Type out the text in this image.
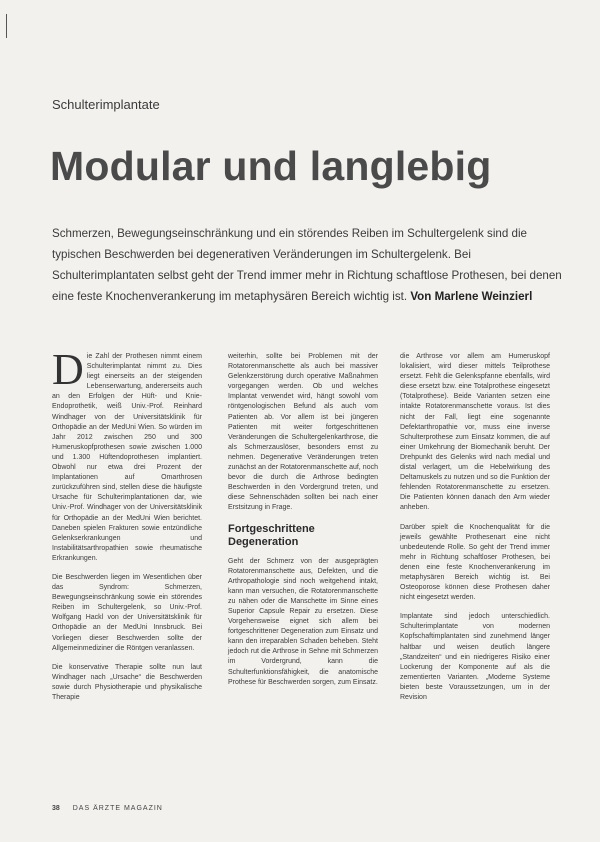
Schulterimplantate
Modular und langlebig

Schmerzen, Bewegungseinschränkung und ein störendes Reiben im Schultergelenk sind die typischen Beschwerden bei degenerativen Veränderungen im Schultergelenk. Bei Schulterimplantaten selbst geht der Trend immer mehr in Richtung schaftlose Prothesen, bei denen eine feste Knochenverankerung im metaphysären Bereich wichtig ist. Von Marlene Weinzierl

D ie Zahl der Prothesen nimmt einem Schulterimplantat nimmt zu. Dies liegt einerseits an der steigenden Lebenserwartung, andererseits auch an den Erfolgen der Hüft- und Knie-Endoprothetik, weiß Univ.-Prof. Reinhard Windhager von der Universitätsklinik für Orthopädie an der MedUni Wien. So würden im Jahr 2012 zwischen 250 und 300 Humeruskopfprothesen sowie zwischen 1.000 und 1.300 Hüftendoprothesen implantiert. Obwohl nur etwa drei Prozent der Implantationen auf Omarthrosen zurückzuführen sind, stellen diese die häufigste Ursache für Schulterimplantationen dar, wie Univ.-Prof. Windhager von der Universitätsklinik für Orthopädie an der MedUni Wien berichtet. Daneben spielen Frakturen sowie entzündliche Gelenkserkrankungen und Instabilitätsarthropathien sowie rheumatische Erkrankungen.

Die Beschwerden liegen im Wesentlichen über das Syndrom: Schmerzen, Bewegungseinschränkung sowie ein störendes Reiben im Schultergelenk, so Univ.-Prof. Wolfgang Hackl von der Universitätsklinik für Orthopädie an der MedUni Innsbruck. Bei Vorliegen dieser Beschwerden sollte der Allgemeinmediziner die Röntgen veranlassen.

Die konservative Therapie sollte nun laut Windhager nach „Ursache“ die Beschwerden sowie durch Physiotherapie und physikalische Therapie

weiterhin, sollte bei Problemen mit der Rotatorenmanschette als auch bei massiver Gelenkzerstörung durch operative Maßnahmen vorgegangen werden. Ob und welches Implantat verwendet wird, hängt sowohl vom röntgenologischen Befund als auch vom Patienten ab. Vor allem ist bei jüngeren Patienten mit weiter fortgeschrittenen Veränderungen die Schultergelenkarthrose, die als Schmerzauslöser, besonders ernst zu nehmen. Degenerative Veränderungen treten zunächst an der Rotatorenmanschette auf, noch bevor die durch die Arthrose bedingten Beschwerden in den Vordergrund treten, und diese Sehnenschäden sollten bei nach einer Erstsitzung in Frage.

Fortgeschrittene
Degeneration

Geht der Schmerz von der ausgeprägten Rotatorenmanschette aus, Defekten, und die Arthropathologie sind noch weitgehend intakt, kann man versuchen, die Rotatorenmanschette zu nähen oder die Manschette im Sinne eines Superior Capsule Repair zu ersetzen. Diese Vorgehensweise eignet sich allem bei fortgeschrittener Degeneration zum Einsatz und kann den irreparablen Schaden beheben. Steht jedoch rut die Arthrose in Sehne mit Schmerzen im Vordergrund, kann die Schulterfunktionsfähigkeit, die anatomische Prothese für Beschwerden sorgen, zum Einsatz.

die Arthrose vor allem am Humeruskopf lokalisiert, wird dieser mittels Teilprothese ersetzt. Fehlt die Gelenkspfanne ebenfalls, wird diese ersetzt bzw. eine Totalprothese eingesetzt (Totalprothese). Beide Varianten setzen eine intakte Rotatorenmanschette voraus. Ist dies nicht der Fall, liegt eine sogenannte Defektarthropathie vor, muss eine inverse Schulterprothese zum Einsatz kommen, die auf einer Umkehrung der Biomechanik beruht. Der Drehpunkt des Gelenks wird nach medial und distal verlagert, um die Hebelwirkung des Deltamuskels zu nutzen und so die Funktion der fehlenden Rotatorenmanschette zu ersetzen. Die Patienten können danach den Arm wieder anheben.

Darüber spielt die Knochenqualität für die jeweils gewählte Prothesenart eine nicht unbedeutende Rolle. So geht der Trend immer mehr in Richtung schaftloser Prothesen, bei denen eine feste Knochenverankerung im metaphysären Bereich wichtig ist. Bei Osteoporose können diese Prothesen daher nicht eingesetzt werden.

Implantate sind jedoch unterschiedlich. Schulterimplantate von modernen Kopfschaftimplantaten sind zunehmend länger haltbar und weisen deutlich längere „Standzeiten“ und ein niedrigeres Risiko einer Lockerung der Komponente auf als die zementierten Varianten. „Moderne Systeme bieten beste Voraussetzungen, um in der Revision

38 DAS ÄRZTE MAGAZIN
